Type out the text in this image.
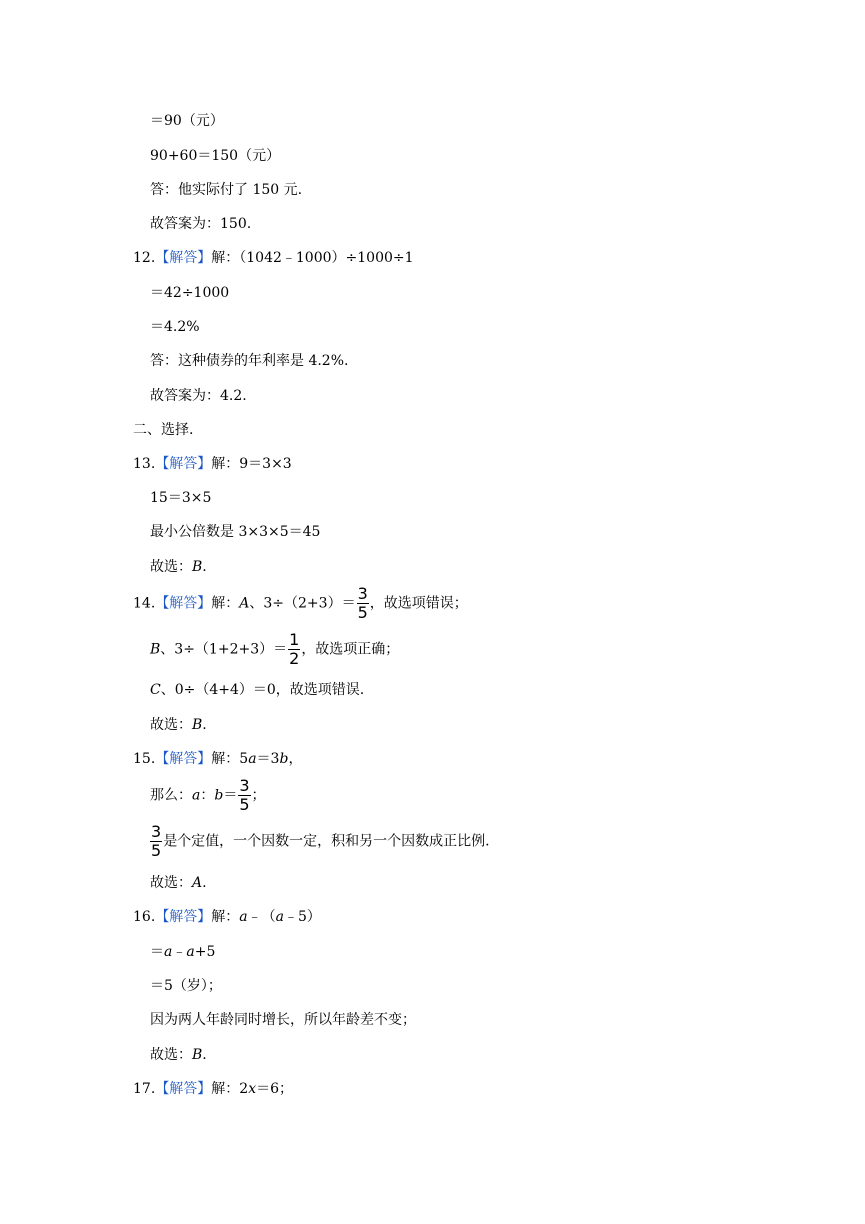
＝90（元）
90+60＝150（元）
答：他实际付了 150 元.
故答案为：150.
12.【解答】解：（1042﹣1000）÷1000÷1
＝42÷1000
＝4.2%
答：这种债券的年利率是 4.2%.
故答案为：4.2.
二、选择.
13.【解答】解：9＝3×3
15＝3×5
最小公倍数是 3×3×5＝45
故选：B.
14.【解答】解：A、$3\div(2+3)= \frac{3}{5}$ ，故选项错误；
B、$3\div(1+2+3)= \frac{1}{2}$ ，故选项正确；
C、0÷（4+4）＝0，故选项错误.
故选：B.
15.【解答】解：5a＝3b，
那么：a：$b= \frac{3}{5}$ ；
$\frac{3}{5}$ 是个定值，一个因数一定，积和另一个因数成正比例.
故选：A.
16.【解答】解：a﹣（a﹣5）
＝a﹣a+5
＝5（岁）；
因为两人年龄同时增长，所以年龄差不变；
故选：B.
17.【解答】解：2x＝6；
